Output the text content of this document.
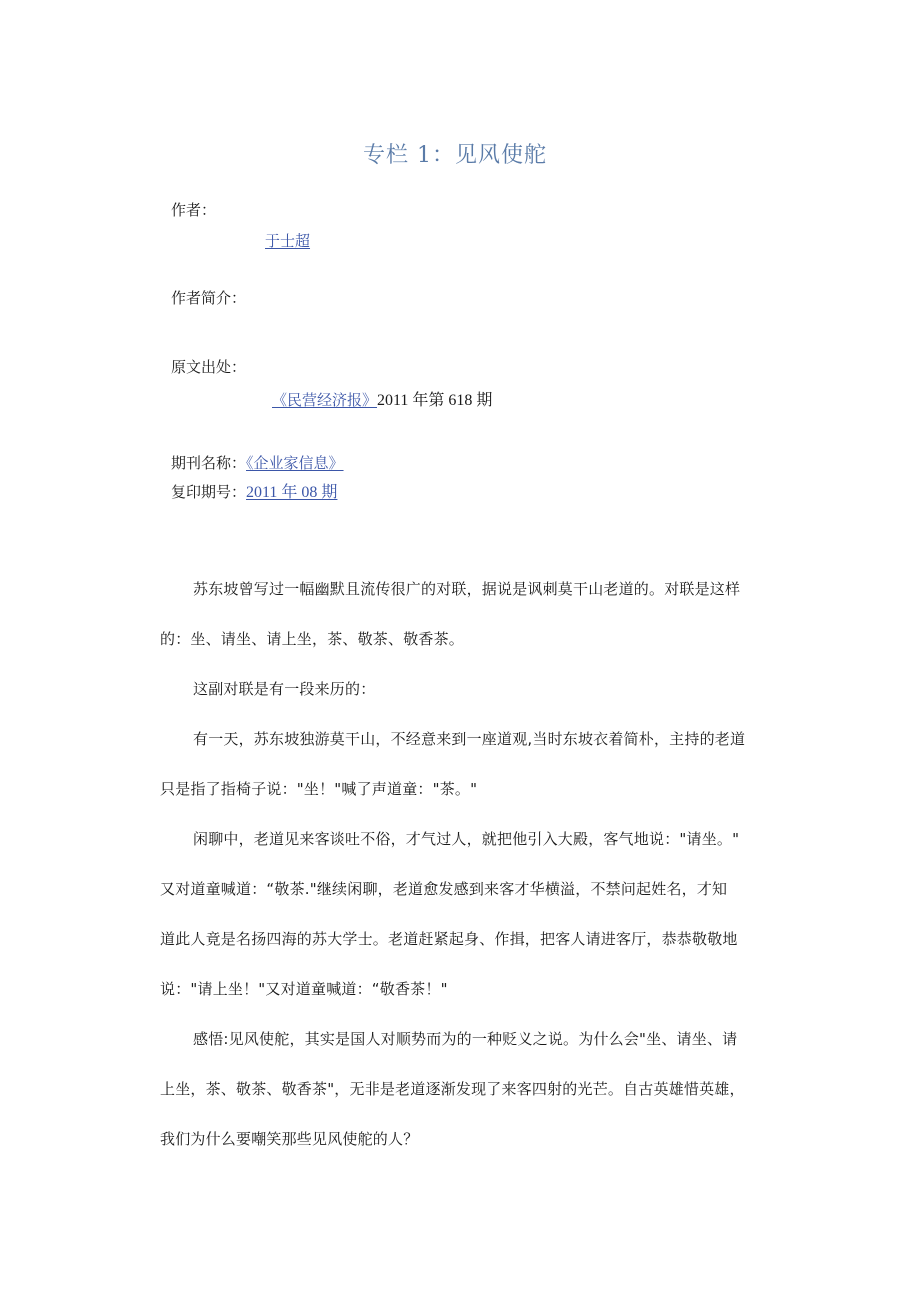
专栏 1：见风使舵
作者：
于士超
作者简介：
原文出处：
《民营经济报》2011 年第 618 期
期刊名称：《企业家信息》
复印期号：2011 年 08 期
苏东坡曾写过一幅幽默且流传很广的对联，据说是讽刺莫干山老道的。对联是这样
的：坐、请坐、请上坐，茶、敬茶、敬香茶。
这副对联是有一段来历的：
有一天，苏东坡独游莫干山，不经意来到一座道观,当时东坡衣着简朴，主持的老道
只是指了指椅子说："坐！"喊了声道童："茶。"
闲聊中，老道见来客谈吐不俗，才气过人，就把他引入大殿，客气地说："请坐。"
又对道童喊道：“敬茶."继续闲聊，老道愈发感到来客才华横溢，不禁问起姓名，才知
道此人竟是名扬四海的苏大学士。老道赶紧起身、作揖，把客人请进客厅，恭恭敬敬地
说："请上坐！"又对道童喊道：“敬香茶！"
感悟:见风使舵，其实是国人对顺势而为的一种贬义之说。为什么会"坐、请坐、请
上坐，茶、敬茶、敬香茶"，无非是老道逐渐发现了来客四射的光芒。自古英雄惜英雄，
我们为什么要嘲笑那些见风使舵的人？
